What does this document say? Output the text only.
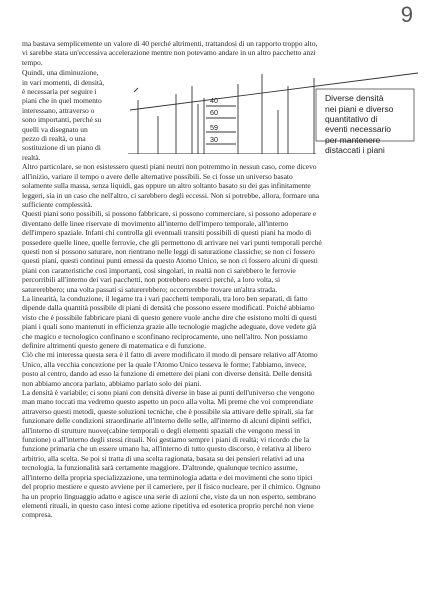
9

ma bastava semplicemente un valore di 40 perché altrimenti, trattandosi di un rapporto troppo alto,

vi sarebbe stata un'eccessiva accelerazione mentre non potevamo andare in un altro pacchetto anzi

tempo.

Quindi, una diminuzione,

in vari momenti, di densità,

è necessaria per seguire i

piani che in quel momento

interessano, attraverso o

sono importanti, perché su

quelli va disegnato un

pezzo di realtà, o una

sostituzione di un piano di

realtà.

40
60
59
30
Diverse densità
nei piani e diverso
quantitativo di
eventi necessario
per mantenere
distaccati i piani

Altro particolare, se non esistessero questi piani neutri non potremmo in nessun caso, come dicevo

all'inizio, variare il tempo o avere delle alternative possibili. Se ci fosse un universo basato

solamente sulla massa, senza liquidi, gas oppure un altro soltanto basato su dei gas infinitamente

leggeri, sia in un caso che nell'altro, ci sarebbero degli eccessi. Non si potrebbe, allora, formare una

sufficiente complessità.

Questi piani sono possibili, si possono fabbricare, si possono commerciare, si possono adoperare e

diventano delle linee riservate di movimento all'interno dell'impero temporale, all'interno

dell'impero spaziale. Infatti chi controlla gli eventuali transiti possibili di questi piani ha modo di

possedere quelle linee, quelle ferrovie, che gli permettono di arrivare nei vari punti temporali perché

questi non si possono saturare, non rientrano nelle leggi di saturazione classiche; se non ci fossero

questi piani, questi continui punti emessi da questo Atomo Unico, se non ci fossero alcuni di questi

piani con caratteristiche così importanti, così singolari, in realtà non ci sarebbero le ferrovie

percorribili all'interno dei vari pacchetti, non potrebbero esserci perché, a loro volta, si

saturerebbero; una volta passati si saturerebbero; occorrerebbe trovare un'altra strada.

La linearità, la conduzione, il legame tra i vari pacchetti temporali, tra loro ben separati, di fatto

dipende dalla quantità possibile di piani di densità che possono essere modificati. Poiché abbiamo

visto che è possibile fabbricare piani di questo genere vuole anche dire che esistono molti di questi

piani i quali sono mantenuti in efficienza grazie alle tecnologie magiche adeguate, dove vedete già

che magico e tecnologico confinano e sconfinano reciprocamente, uno nell'altro. Non possiamo

definire altrimenti questo genere di matematica e di funzione.

Ciò che mi interessa questa sera è il fatto di avere modificato il modo di pensare relativo all'Atomo

Unico, alla vecchia concezione per la quale l'Atomo Unico tesseva le forme; l'abbiamo, invece,

posto al centro, dando ad esso la funzione di emettere dei piani con diverse densità. Delle densità

non abbiamo ancora parlato, abbiamo parlato solo dei piani.

La densità è variabile; ci sono piani con densità diverse in base ai punti dell'universo che vengono

man mano toccati ma vedremo questo aspetto un poco alla volta. Mi preme che voi comprendiate

attraverso questi metodi, queste soluzioni tecniche, che è possibile sia attivare delle spirali, sia far

funzionare delle condizioni straordinarie all'interno delle selle, all'interno di alcuni dipinti selfici,

all'interno di strutture nuove(cabine temporali o degli elementi spaziali che vengono messi in

funzione) o all'interno degli stessi rituali. Noi gestiamo sempre i piani di realtà; vi ricordo che la

funzione primaria che un essere umano ha, all'interno di tutto questo discorso, è relativa al libero

arbitrio, alla scelta. Se poi si tratta di una scelta ragionata, basata su dei pensieri relativi ad una

tecnologia, la funzionalità sarà certamente maggiore. D'altronde, qualunque tecnico assume,

all'interno della propria specializzazione, una terminologia adatta e dei movimenti che sono tipici

del proprio mestiere e questo avviene per il cameriere, per il fisico nucleare, per il chimico. Ognuno

ha un proprio linguaggio adatto e agisce una serie di azioni che, viste da un non esperto, sembrano

elementi rituali, in questo caso intesi come azione ripetitiva ed esoterica proprio perché non viene

compresa.
